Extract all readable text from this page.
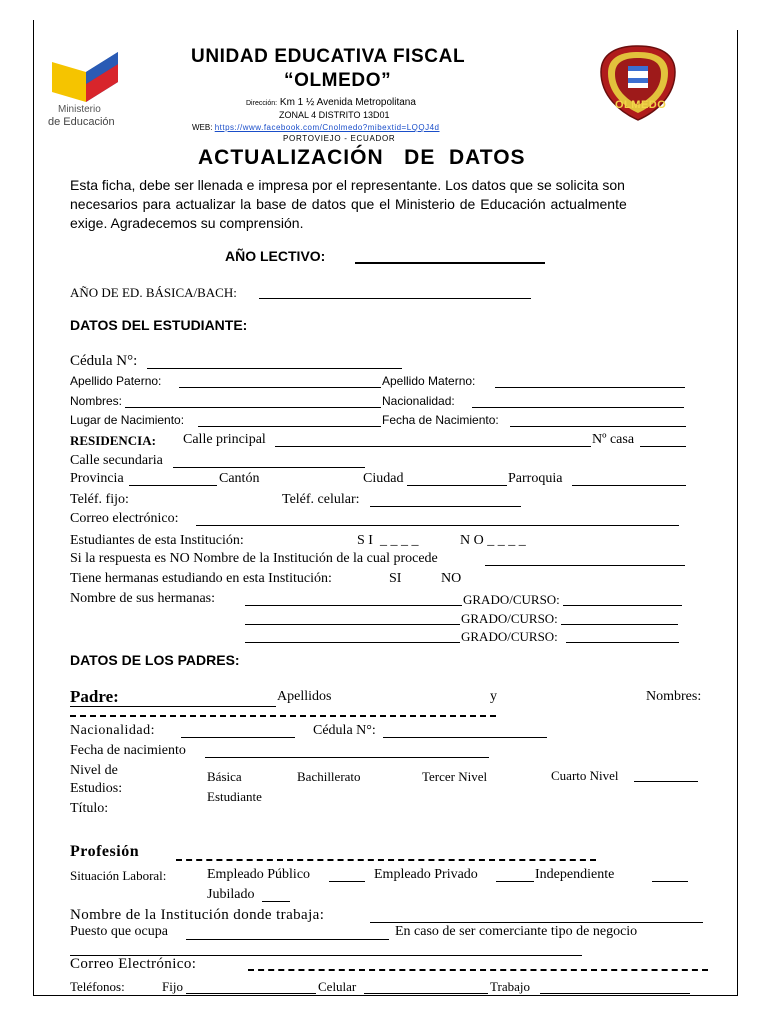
Ministerio
de Educación
UNIDAD EDUCATIVA FISCAL
“OLMEDO”
Dirección: Km 1 ½ Avenida Metropolitana
ZONAL 4 DISTRITO 13D01
WEB: https://www.facebook.com/Cnolmedo?mibextid=LQQJ4d
PORTOVIEJO - ECUADOR
OLMEDO
ACTUALIZACIÓN   DE  DATOS
Esta ficha, debe ser llenada e impresa por el representante. Los datos que se solicita son
necesarios para actualizar la base de datos que el Ministerio de Educación actualmente
exige. Agradecemos su comprensión.
AÑO LECTIVO:
AÑO DE ED. BÁSICA/BACH:
DATOS DEL ESTUDIANTE:
Cédula N°:
Apellido Paterno:	Apellido Materno:
Nombres:	Nacionalidad:
Lugar de Nacimiento:	Fecha de Nacimiento:
RESIDENCIA: Calle principal	Nº casa
Calle secundaria
Provincia	Cantón	Ciudad	Parroquia
Teléf. fijo:	Teléf. celular:
Correo electrónico:
Estudiantes de esta Institución:	S I  _ _ _ _	N O _ _ _ _
Si la respuesta es NO Nombre de la Institución de la cual procede
Tiene hermanas estudiando en esta Institución:	SI	NO
Nombre de sus hermanas:	GRADO/CURSO:
GRADO/CURSO:
GRADO/CURSO:
DATOS DE LOS PADRES:
Padre:	Apellidos	y	Nombres:
Nacionalidad:	Cédula N°:
Fecha de nacimiento
Nivel de
Estudios:
Título:
Básica
Estudiante
Bachillerato	Tercer Nivel	Cuarto Nivel
Profesión
Situación Laboral:	Empleado Público	Empleado Privado	Independiente
Jubilado
Nombre de la Institución donde trabaja:
Puesto que ocupa	En caso de ser comerciante tipo de negocio
Correo Electrónico:
Teléfonos:	Fijo	Celular	Trabajo
